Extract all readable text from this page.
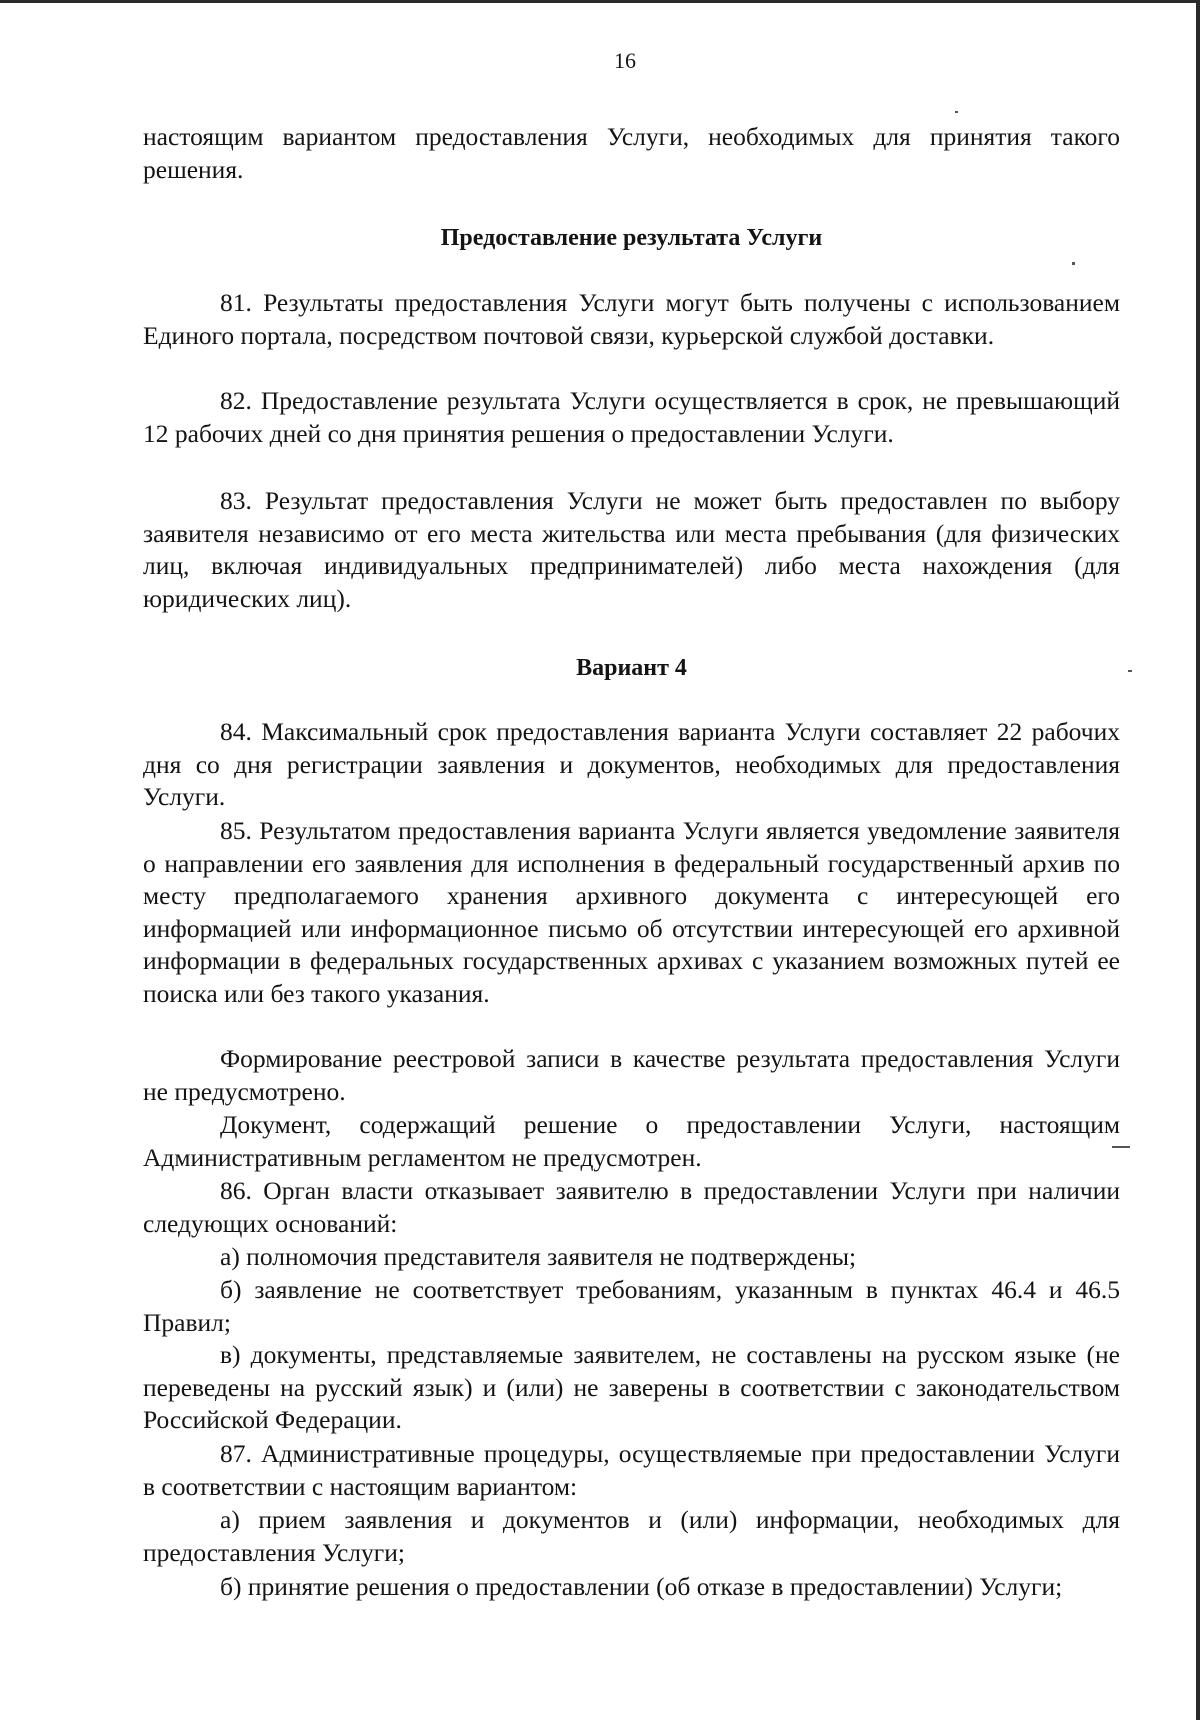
16

настоящим вариантом предоставления Услуги, необходимых для принятия такого решения.

Предоставление результата Услуги

81. Результаты предоставления Услуги могут быть получены с использованием Единого портала, посредством почтовой связи, курьерской службой доставки.

82. Предоставление результата Услуги осуществляется в срок, не превышающий 12 рабочих дней со дня принятия решения о предоставлении Услуги.

83. Результат предоставления Услуги не может быть предоставлен по выбору заявителя независимо от его места жительства или места пребывания (для физических лиц, включая индивидуальных предпринимателей) либо места нахождения (для юридических лиц).

Вариант 4

84. Максимальный срок предоставления варианта Услуги составляет 22 рабочих дня со дня регистрации заявления и документов, необходимых для предоставления Услуги.

85. Результатом предоставления варианта Услуги является уведомление заявителя о направлении его заявления для исполнения в федеральный государственный архив по месту предполагаемого хранения архивного документа с интересующей его информацией или информационное письмо об отсутствии интересующей его архивной информации в федеральных государственных архивах с указанием возможных путей ее поиска или без такого указания.

Формирование реестровой записи в качестве результата предоставления Услуги не предусмотрено.

Документ, содержащий решение о предоставлении Услуги, настоящим Административным регламентом не предусмотрен.

86. Орган власти отказывает заявителю в предоставлении Услуги при наличии следующих оснований:

а) полномочия представителя заявителя не подтверждены;

б) заявление не соответствует требованиям, указанным в пунктах 46.4 и 46.5 Правил;

в) документы, представляемые заявителем, не составлены на русском языке (не переведены на русский язык) и (или) не заверены в соответствии с законодательством Российской Федерации.

87. Административные процедуры, осуществляемые при предоставлении Услуги в соответствии с настоящим вариантом:

а) прием заявления и документов и (или) информации, необходимых для предоставления Услуги;

б) принятие решения о предоставлении (об отказе в предоставлении) Услуги;
